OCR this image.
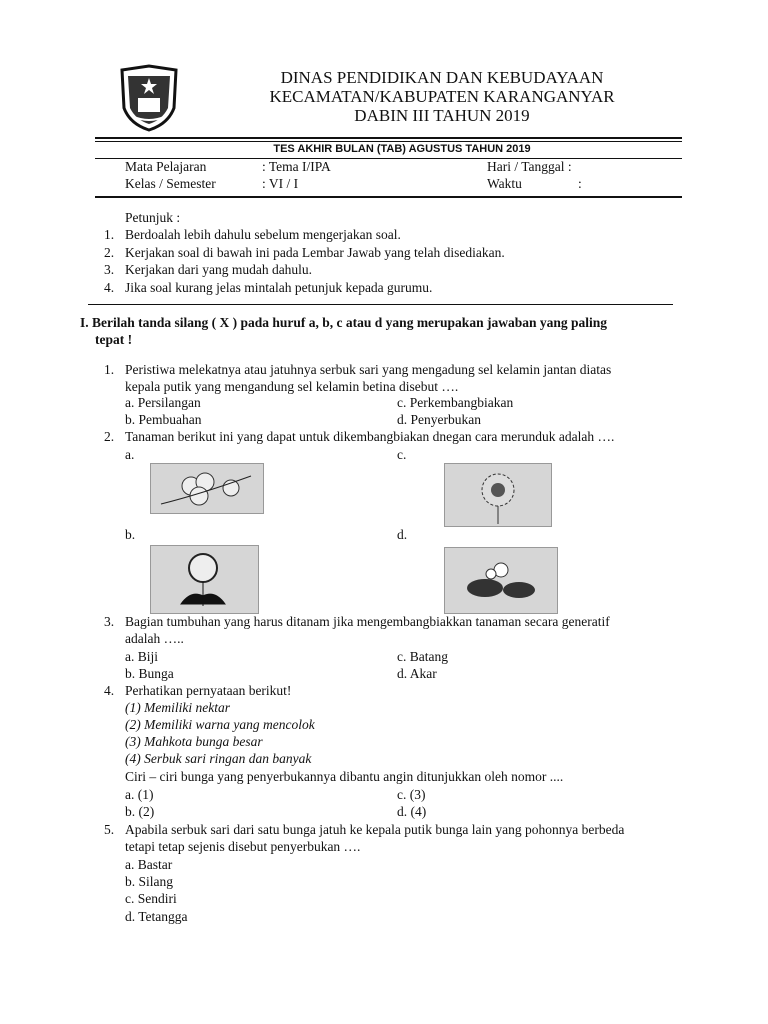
DINAS PENDIDIKAN DAN KEBUDAYAAN
KECAMATAN/KABUPATEN KARANGANYAR
DABIN III TAHUN 2019
TES AKHIR BULAN (TAB) AGUSTUS TAHUN 2019
Mata Pelajaran	: Tema I/IPA	Hari / Tanggal :
Kelas / Semester	: VI / I	Waktu	:
Petunjuk :
1. Berdoalah lebih dahulu sebelum mengerjakan soal.
2. Kerjakan soal di bawah ini pada Lembar Jawab yang telah disediakan.
3. Kerjakan dari yang mudah dahulu.
4. Jika soal kurang jelas mintalah petunjuk kepada gurumu.
I. Berilah tanda silang ( X ) pada huruf a, b, c atau d yang merupakan jawaban yang paling
tepat !
1. Peristiwa melekatnya atau jatuhnya serbuk sari yang mengadung sel kelamin jantan diatas
kepala putik yang mengandung sel kelamin betina disebut ….
a. Persilangan
b. Pembuahan
c. Perkembangbiakan
d. Penyerbukan
2. Tanaman berikut ini yang dapat untuk dikembangbiakan dnegan cara merunduk adalah ….
a.	c.
b.	d.
3. Bagian tumbuhan yang harus ditanam jika mengembangbiakkan tanaman secara generatif
adalah …..
a. Biji
b. Bunga
c. Batang
d. Akar
4. Perhatikan pernyataan berikut!
(1) Memiliki nektar
(2) Memiliki warna yang mencolok
(3) Mahkota bunga besar
(4) Serbuk sari ringan dan banyak
Ciri – ciri bunga yang penyerbukannya dibantu angin ditunjukkan oleh nomor ....
a. (1)
b. (2)
c. (3)
d. (4)
5. Apabila serbuk sari dari satu bunga jatuh ke kepala putik bunga lain yang pohonnya berbeda
tetapi tetap sejenis disebut penyerbukan ….
a. Bastar
b. Silang
c. Sendiri
d. Tetangga
